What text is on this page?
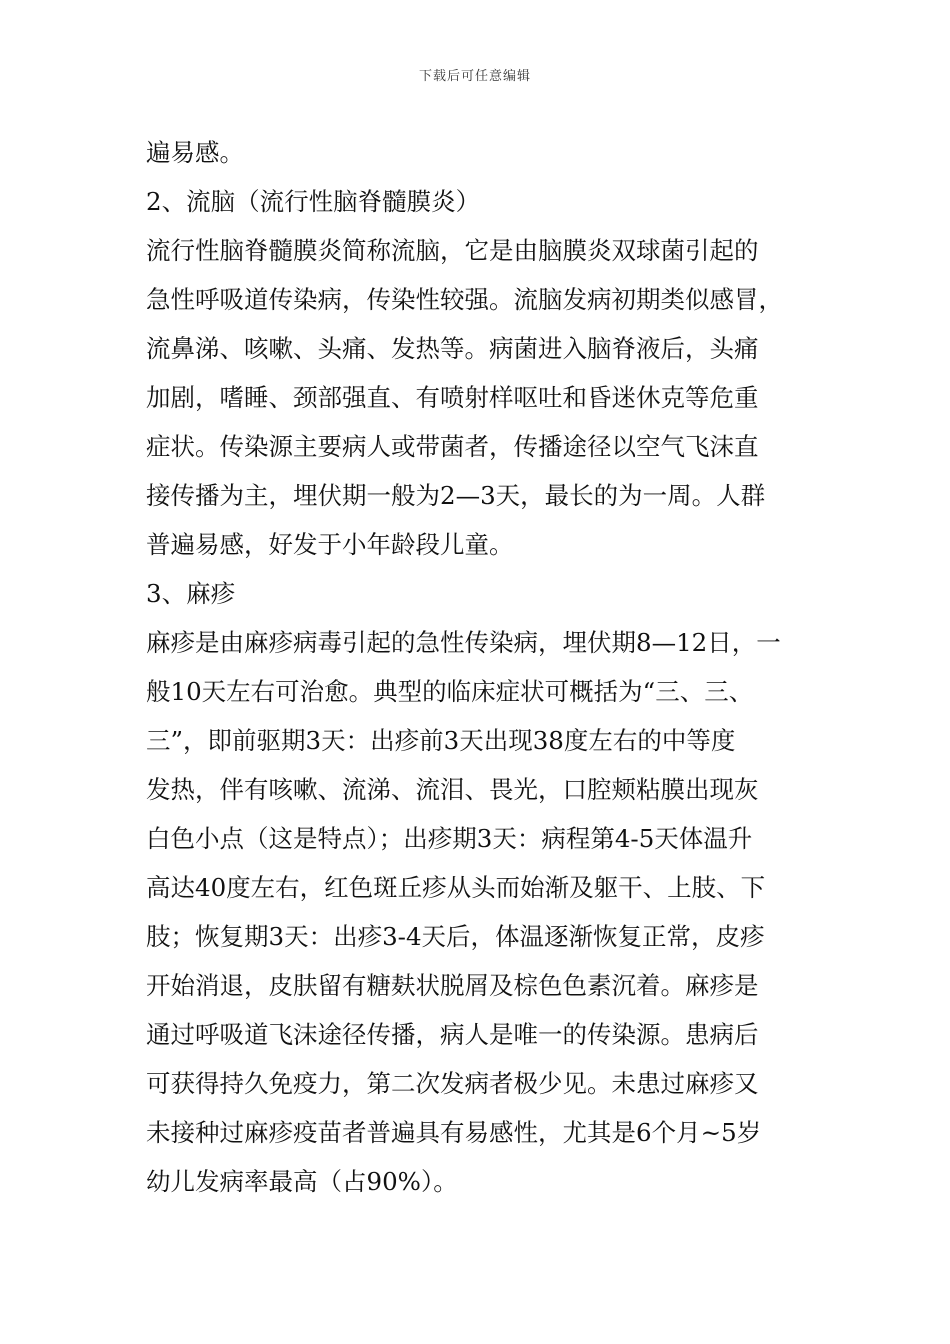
下载后可任意编辑
遍易感。
2、流脑（流行性脑脊髓膜炎）
流行性脑脊髓膜炎简称流脑，它是由脑膜炎双球菌引起的
急性呼吸道传染病，传染性较强。流脑发病初期类似感冒，
流鼻涕、咳嗽、头痛、发热等。病菌进入脑脊液后，头痛
加剧，嗜睡、颈部强直、有喷射样呕吐和昏迷休克等危重
症状。传染源主要病人或带菌者，传播途径以空气飞沫直
接传播为主，埋伏期一般为2—3天，最长的为一周。人群
普遍易感，好发于小年龄段儿童。
3、麻疹
麻疹是由麻疹病毒引起的急性传染病，埋伏期8—12日，一
般10天左右可治愈。典型的临床症状可概括为“三、三、
三”，即前驱期3天：出疹前3天出现38度左右的中等度
发热，伴有咳嗽、流涕、流泪、畏光，口腔颊粘膜出现灰
白色小点（这是特点）；出疹期3天：病程第4-5天体温升
高达40度左右，红色斑丘疹从头而始渐及躯干、上肢、下
肢；恢复期3天：出疹3-4天后，体温逐渐恢复正常，皮疹
开始消退，皮肤留有糖麸状脱屑及棕色色素沉着。麻疹是
通过呼吸道飞沫途径传播，病人是唯一的传染源。患病后
可获得持久免疫力，第二次发病者极少见。未患过麻疹又
未接种过麻疹疫苗者普遍具有易感性，尤其是6个月~5岁
幼儿发病率最高（占90%）。
